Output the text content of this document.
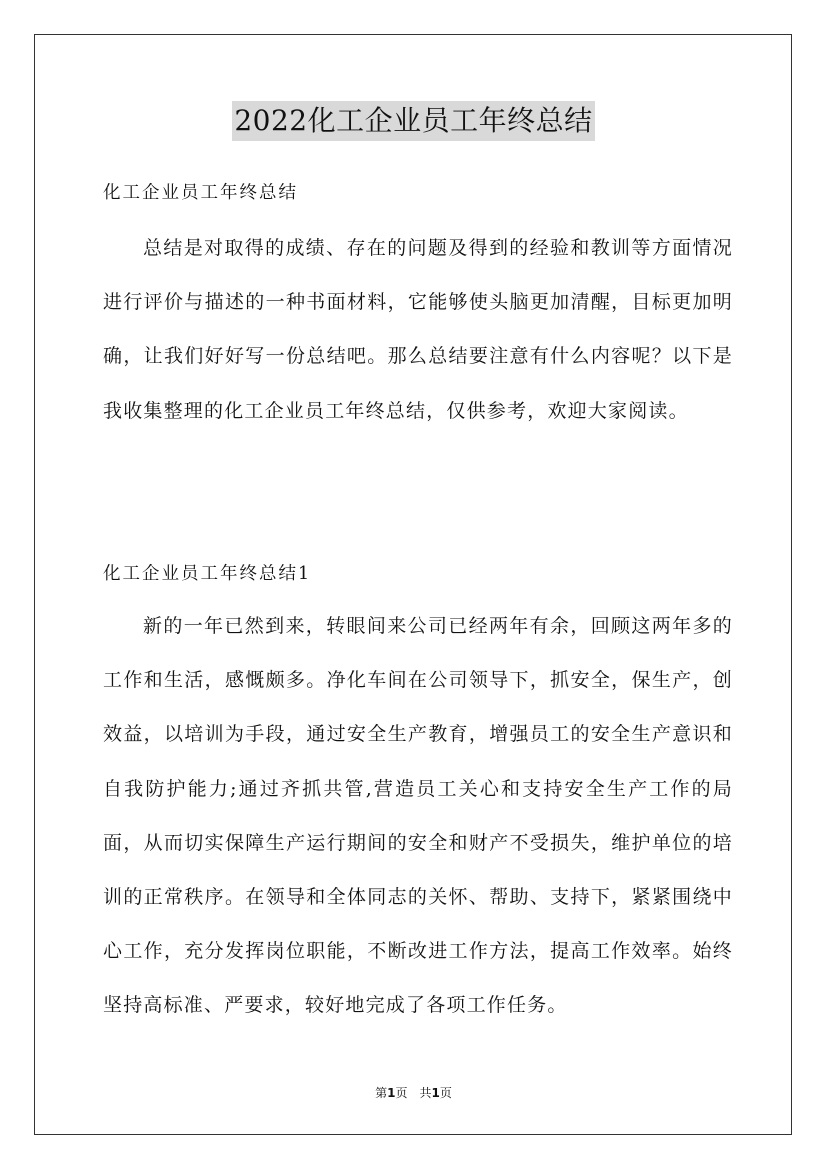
2022化工企业员工年终总结

化工企业员工年终总结

总结是对取得的成绩、存在的问题及得到的经验和教训等方面情况进行评价与描述的一种书面材料，它能够使头脑更加清醒，目标更加明确，让我们好好写一份总结吧。那么总结要注意有什么内容呢？以下是我收集整理的化工企业员工年终总结，仅供参考，欢迎大家阅读。

化工企业员工年终总结1

新的一年已然到来，转眼间来公司已经两年有余，回顾这两年多的工作和生活，感慨颇多。净化车间在公司领导下，抓安全，保生产，创效益，以培训为手段，通过安全生产教育，增强员工的安全生产意识和自我防护能力;通过齐抓共管,营造员工关心和支持安全生产工作的局面，从而切实保障生产运行期间的安全和财产不受损失，维护单位的培训的正常秩序。在领导和全体同志的关怀、帮助、支持下，紧紧围绕中心工作，充分发挥岗位职能，不断改进工作方法，提高工作效率。始终坚持高标准、严要求，较好地完成了各项工作任务。

第1页 共1页
